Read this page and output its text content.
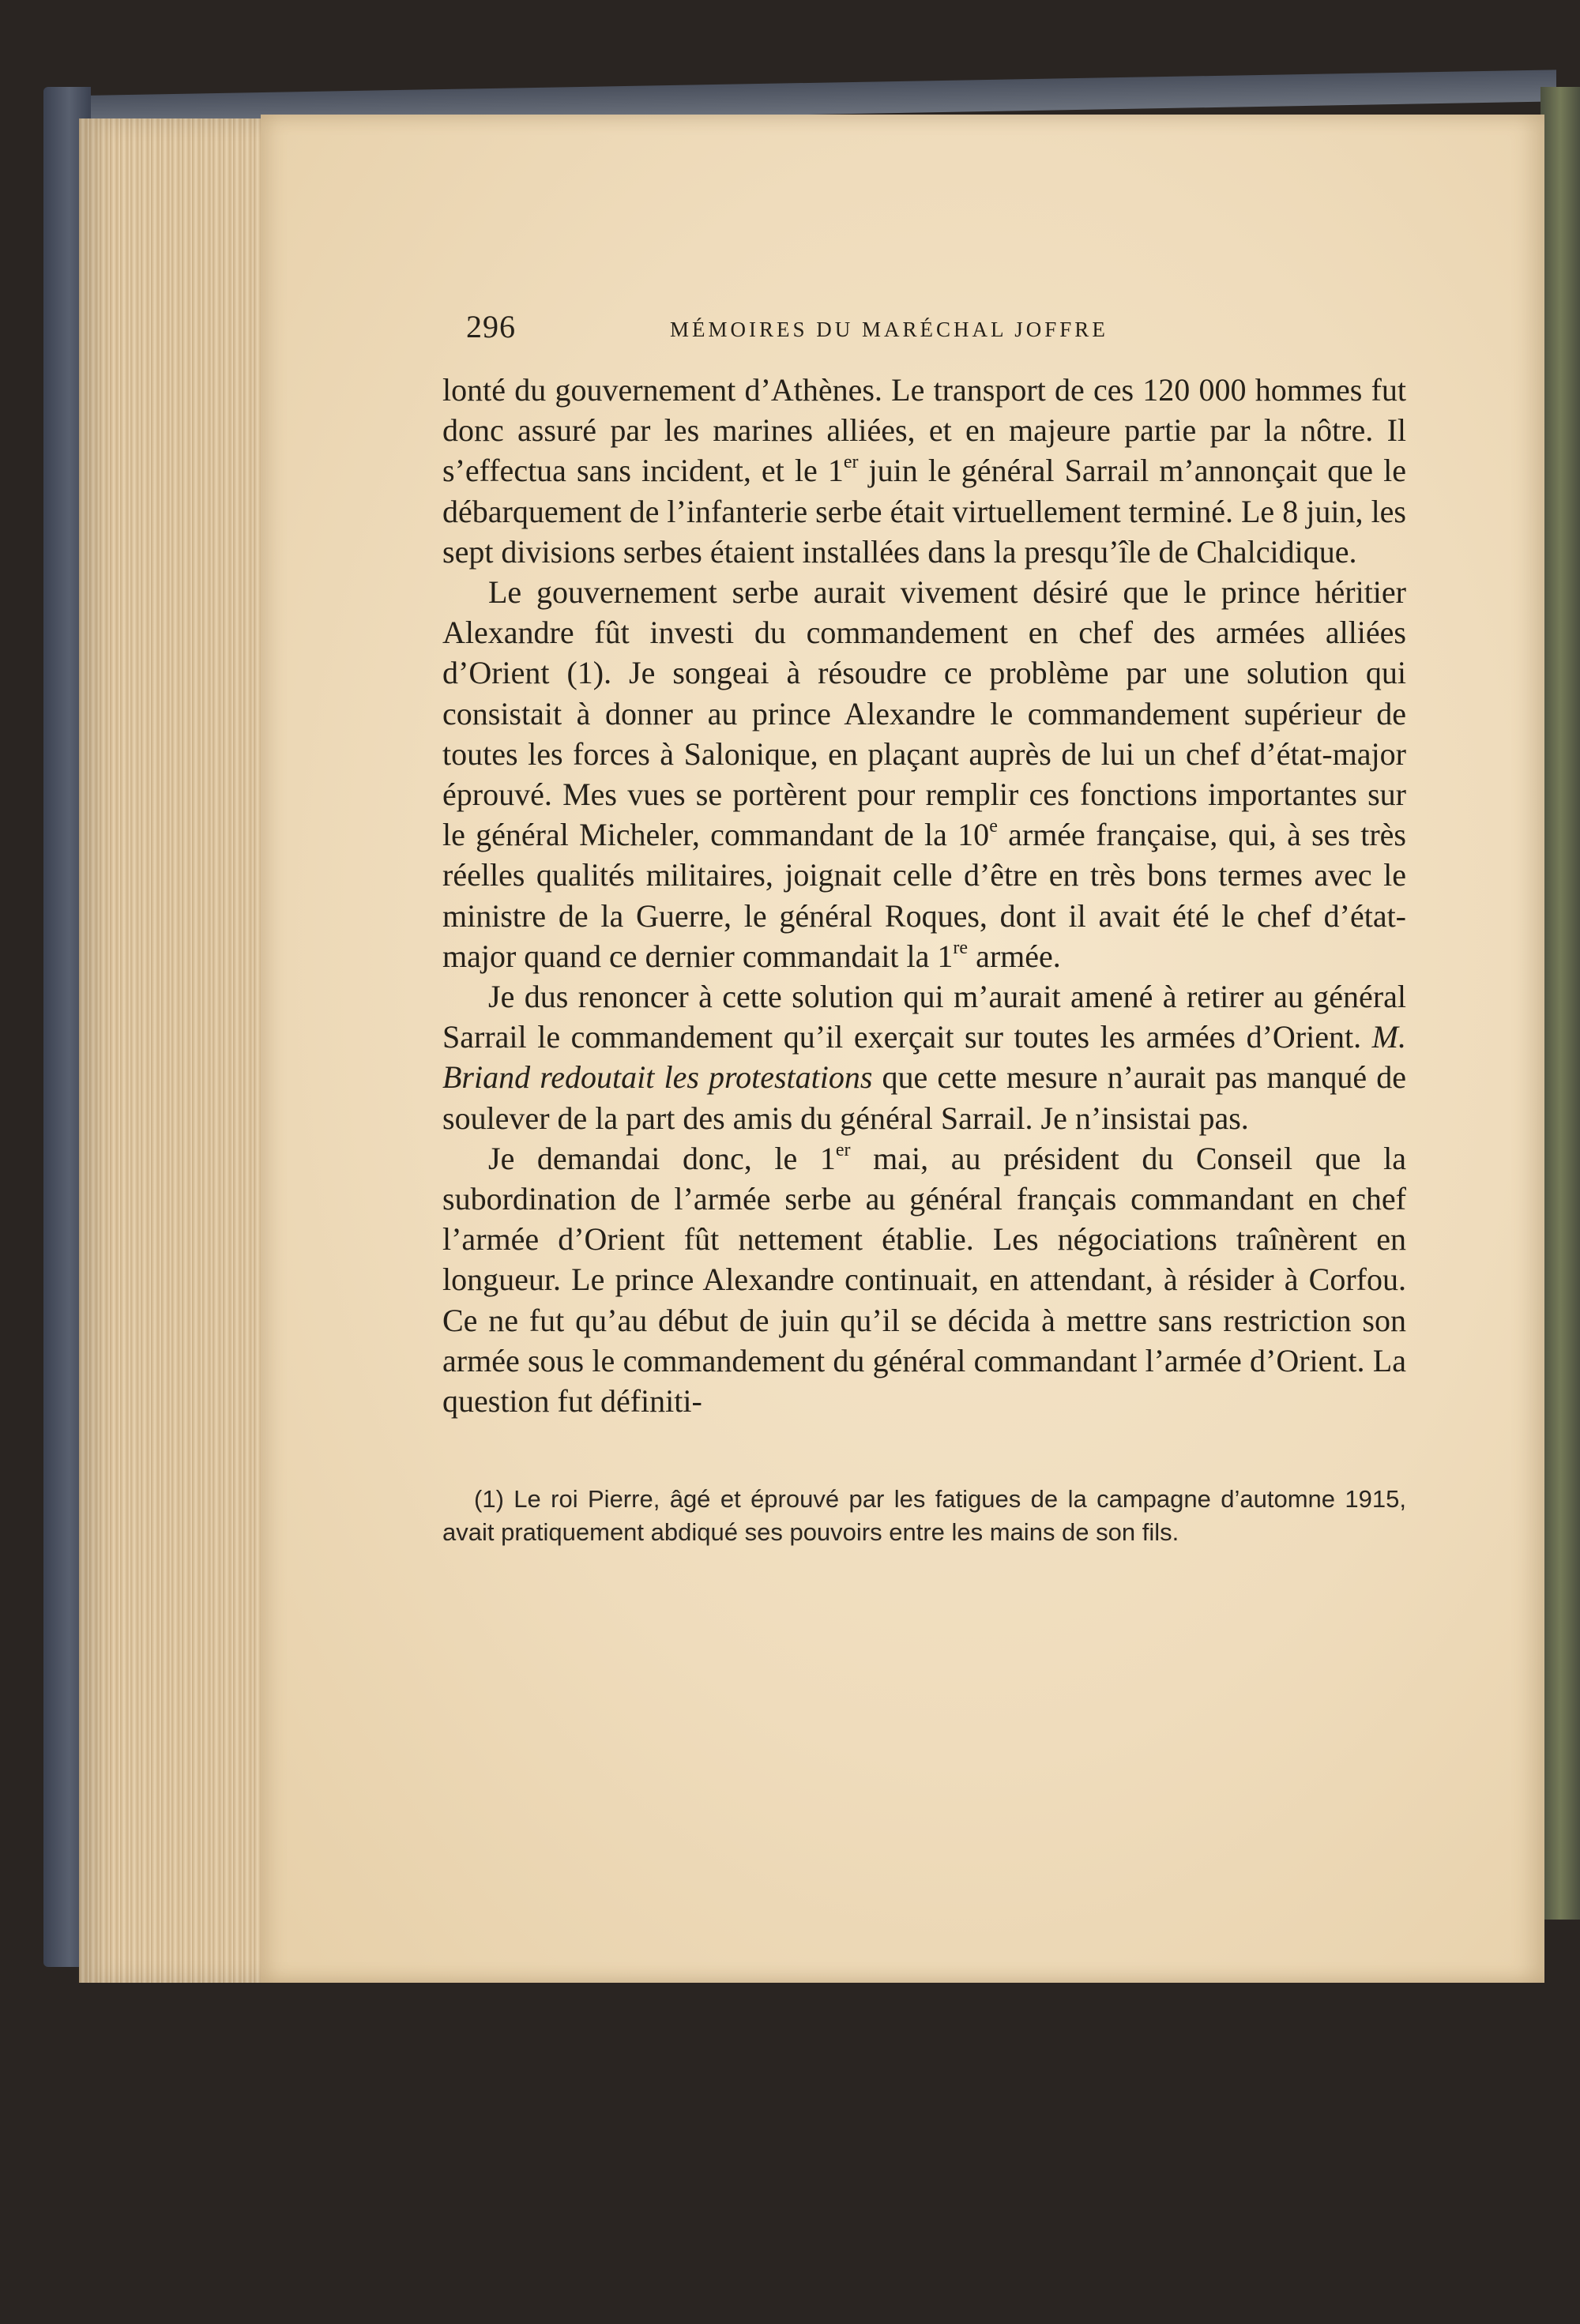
296	MÉMOIRES DU MARÉCHAL JOFFRE

lonté du gouvernement d’Athènes. Le transport de ces 120 000 hommes fut donc assuré par les marines alliées, et en majeure partie par la nôtre. Il s’effectua sans incident, et le 1er juin le général Sarrail m’annonçait que le débarquement de l’infanterie serbe était virtuellement terminé. Le 8 juin, les sept divisions serbes étaient installées dans la presqu’île de Chalcidique.

Le gouvernement serbe aurait vivement désiré que le prince héritier Alexandre fût investi du commandement en chef des armées alliées d’Orient (1). Je songeai à résoudre ce problème par une solution qui consistait à donner au prince Alexandre le commandement supérieur de toutes les forces à Salonique, en plaçant auprès de lui un chef d’état-major éprouvé. Mes vues se portèrent pour remplir ces fonctions importantes sur le général Micheler, commandant de la 10e armée française, qui, à ses très réelles qualités militaires, joignait celle d’être en très bons termes avec le ministre de la Guerre, le général Roques, dont il avait été le chef d’état-major quand ce dernier commandait la 1re armée.

Je dus renoncer à cette solution qui m’aurait amené à retirer au général Sarrail le commandement qu’il exerçait sur toutes les armées d’Orient. M. Briand redoutait les protestations que cette mesure n’aurait pas manqué de soulever de la part des amis du général Sarrail. Je n’insistai pas.

Je demandai donc, le 1er mai, au président du Conseil que la subordination de l’armée serbe au général français commandant en chef l’armée d’Orient fût nettement établie. Les négociations traînèrent en longueur. Le prince Alexandre continuait, en attendant, à résider à Corfou. Ce ne fut qu’au début de juin qu’il se décida à mettre sans restriction son armée sous le commandement du général commandant l’armée d’Orient. La question fut définiti-

(1) Le roi Pierre, âgé et éprouvé par les fatigues de la campagne d’automne 1915, avait pratiquement abdiqué ses pouvoirs entre les mains de son fils.
